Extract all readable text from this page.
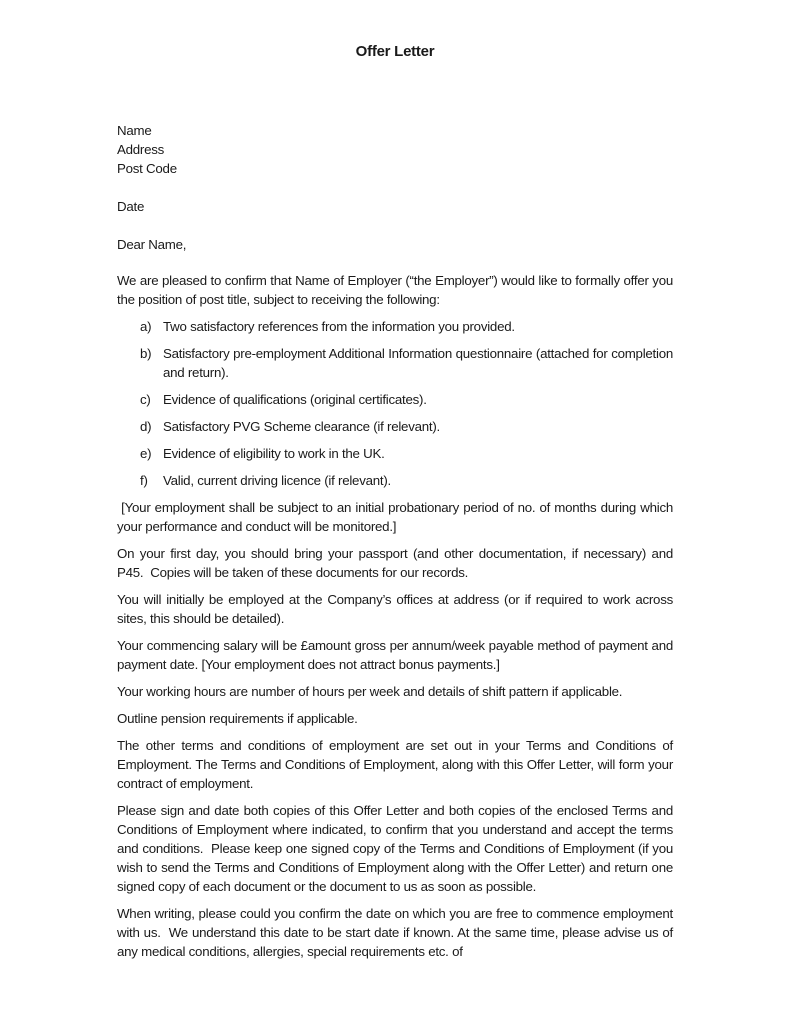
Offer Letter

Name

Address

Post Code

Date

Dear Name,

We are pleased to confirm that Name of Employer (“the Employer”) would like to formally offer you the position of post title, subject to receiving the following:

a) Two satisfactory references from the information you provided.
b) Satisfactory pre-employment Additional Information questionnaire (attached for completion and return).
c) Evidence of qualifications (original certificates).
d) Satisfactory PVG Scheme clearance (if relevant).
e) Evidence of eligibility to work in the UK.
f)	Valid, current driving licence (if relevant).

[Your employment shall be subject to an initial probationary period of no. of months during which your performance and conduct will be monitored.]

On your first day, you should bring your passport (and other documentation, if necessary) and P45.  Copies will be taken of these documents for our records.

You will initially be employed at the Company’s offices at address (or if required to work across sites, this should be detailed).

Your commencing salary will be £amount gross per annum/week payable method of payment and payment date. [Your employment does not attract bonus payments.]

Your working hours are number of hours per week and details of shift pattern if applicable.

Outline pension requirements if applicable.

The other terms and conditions of employment are set out in your Terms and Conditions of Employment. The Terms and Conditions of Employment, along with this Offer Letter, will form your contract of employment.

Please sign and date both copies of this Offer Letter and both copies of the enclosed Terms and Conditions of Employment where indicated, to confirm that you understand and accept the terms and conditions.  Please keep one signed copy of the Terms and Conditions of Employment (if you wish to send the Terms and Conditions of Employment along with the Offer Letter) and return one signed copy of each document or the document to us as soon as possible.

When writing, please could you confirm the date on which you are free to commence employment with us.  We understand this date to be start date if known. At the same time, please advise us of any medical conditions, allergies, special requirements etc. of
